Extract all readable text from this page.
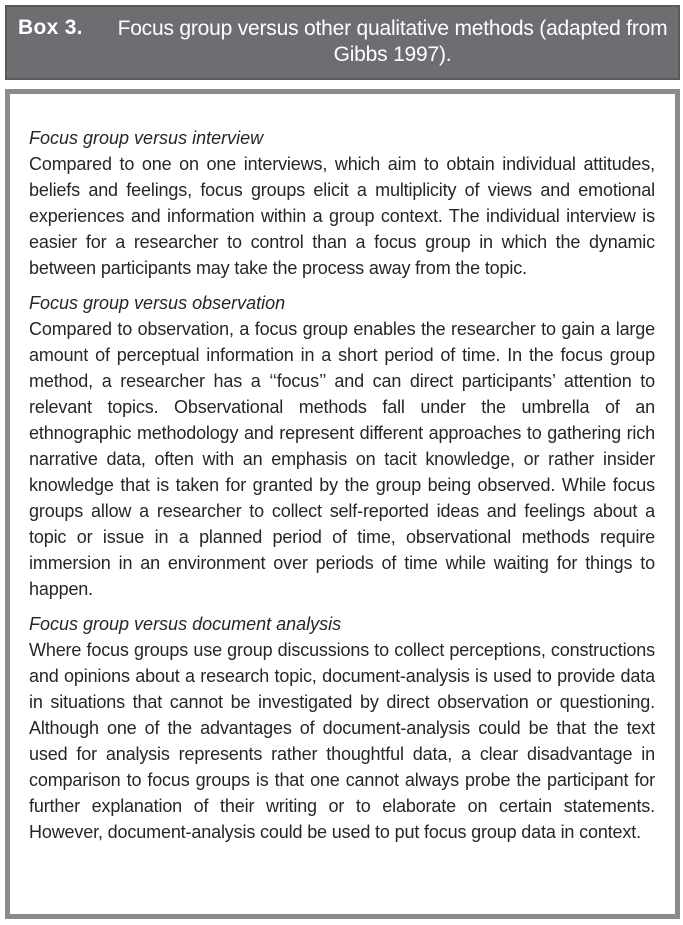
Box 3. Focus group versus other qualitative methods (adapted from Gibbs 1997).

Focus group versus interview

Compared to one on one interviews, which aim to obtain individual attitudes, beliefs and feelings, focus groups elicit a multiplicity of views and emotional experiences and information within a group context. The individual interview is easier for a researcher to control than a focus group in which the dynamic between participants may take the process away from the topic.

Focus group versus observation

Compared to observation, a focus group enables the researcher to gain a large amount of perceptual information in a short period of time. In the focus group method, a researcher has a ‘‘focus’’ and can direct participants’ attention to relevant topics. Observational methods fall under the umbrella of an ethnographic methodology and represent different approaches to gathering rich narrative data, often with an emphasis on tacit knowledge, or rather insider knowledge that is taken for granted by the group being observed. While focus groups allow a researcher to collect self-reported ideas and feelings about a topic or issue in a planned period of time, observational methods require immersion in an environment over periods of time while waiting for things to happen.

Focus group versus document analysis

Where focus groups use group discussions to collect perceptions, constructions and opinions about a research topic, document-analysis is used to provide data in situations that cannot be investigated by direct observation or questioning. Although one of the advantages of document-analysis could be that the text used for analysis represents rather thoughtful data, a clear disadvantage in comparison to focus groups is that one cannot always probe the participant for further explanation of their writing or to elaborate on certain statements. However, document-analysis could be used to put focus group data in context.
